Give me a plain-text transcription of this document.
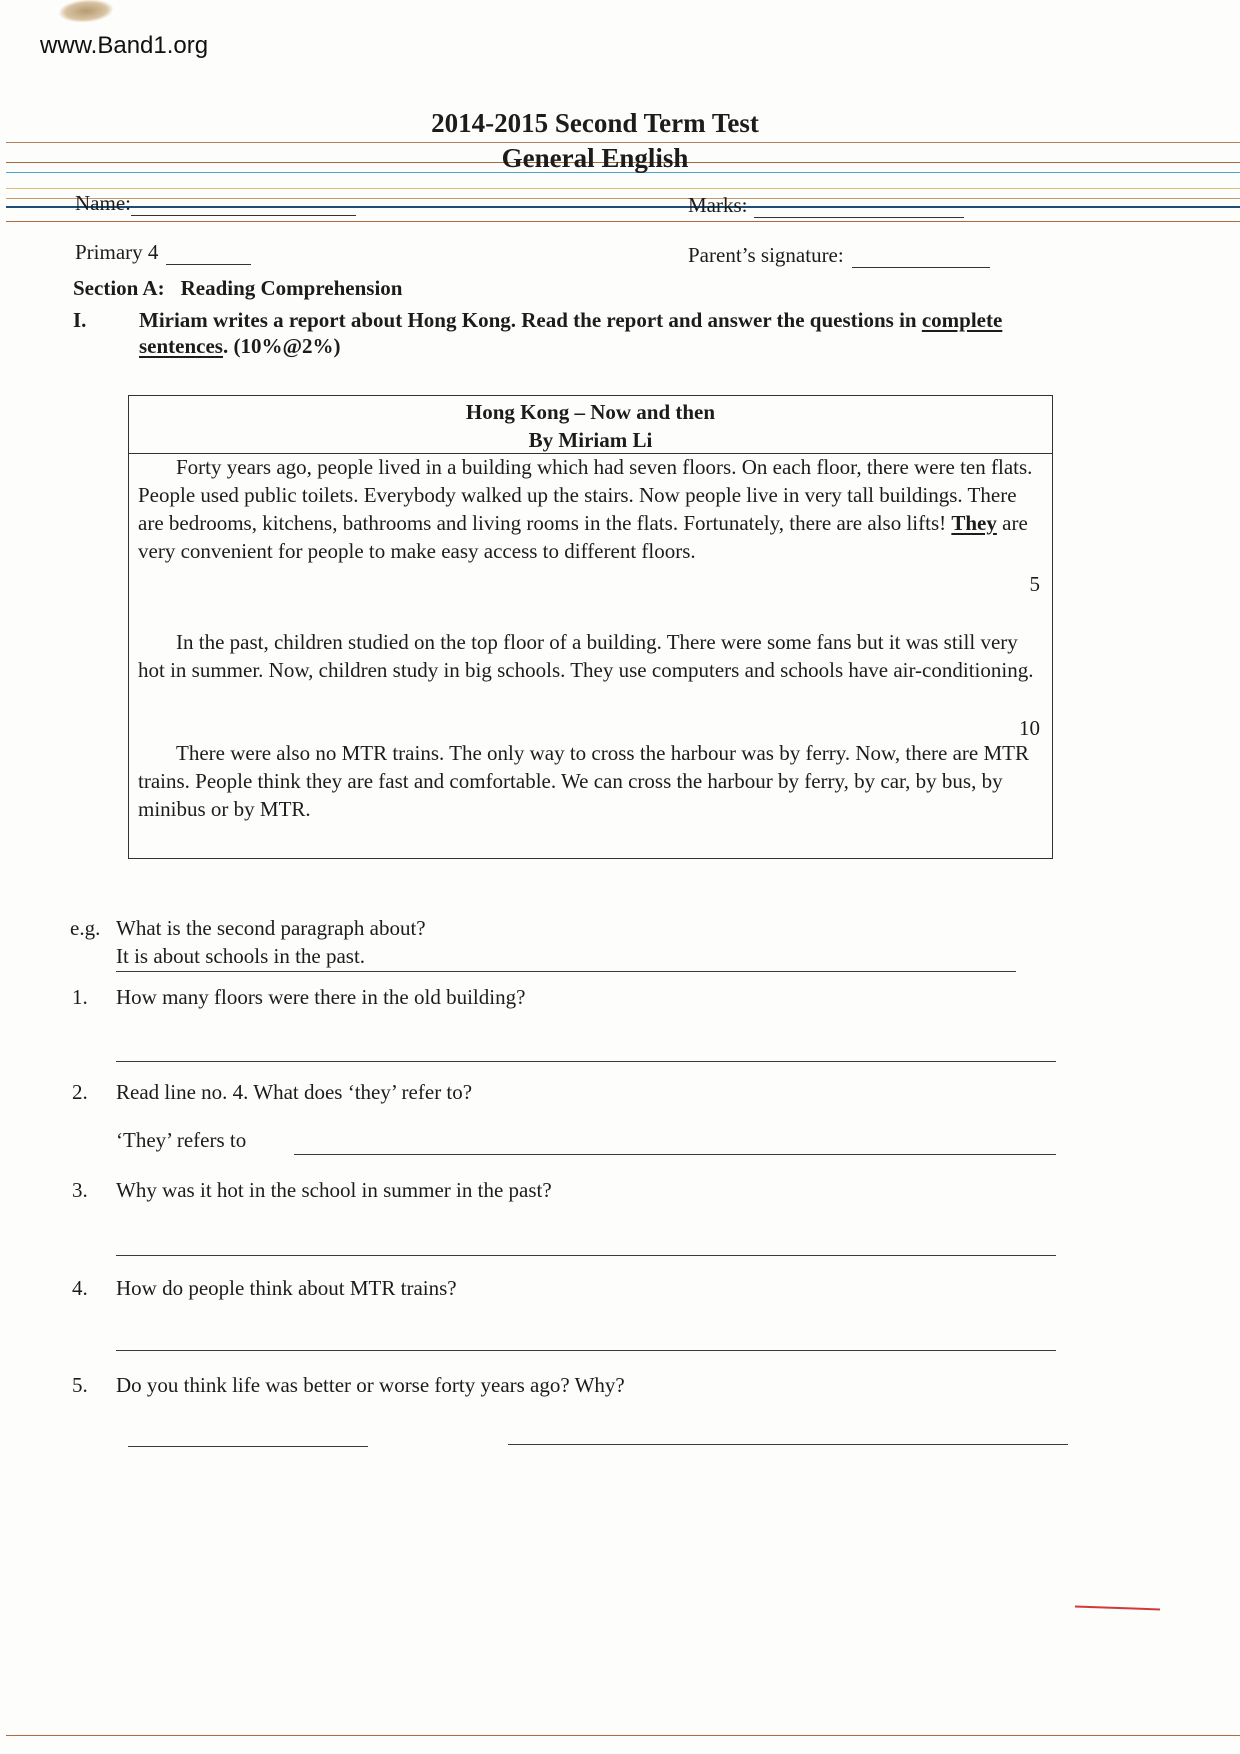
www.Band1.org
2014-2015 Second Term Test
General English
Name:	Marks:
Primary 4	Parent’s signature:
Section A: Reading Comprehension
I.	Miriam writes a report about Hong Kong. Read the report and answer the questions in complete sentences. (10%@2%)
Hong Kong – Now and then
By Miriam Li
Forty years ago, people lived in a building which had seven floors. On each floor, there were ten flats. People used public toilets. Everybody walked up the stairs. Now people live in very tall buildings. There are bedrooms, kitchens, bathrooms and living rooms in the flats. Fortunately, there are also lifts! They are very convenient for people to make easy access to different floors.
5
In the past, children studied on the top floor of a building. There were some fans but it was still very hot in summer. Now, children study in big schools. They use computers and schools have air-conditioning.
10
There were also no MTR trains. The only way to cross the harbour was by ferry. Now, there are MTR trains. People think they are fast and comfortable. We can cross the harbour by ferry, by car, by bus, by minibus or by MTR.
e.g. What is the second paragraph about?
It is about schools in the past.
1. How many floors were there in the old building?
2. Read line no. 4. What does ‘they’ refer to?
‘They’ refers to
3. Why was it hot in the school in summer in the past?
4. How do people think about MTR trains?
5. Do you think life was better or worse forty years ago? Why?
